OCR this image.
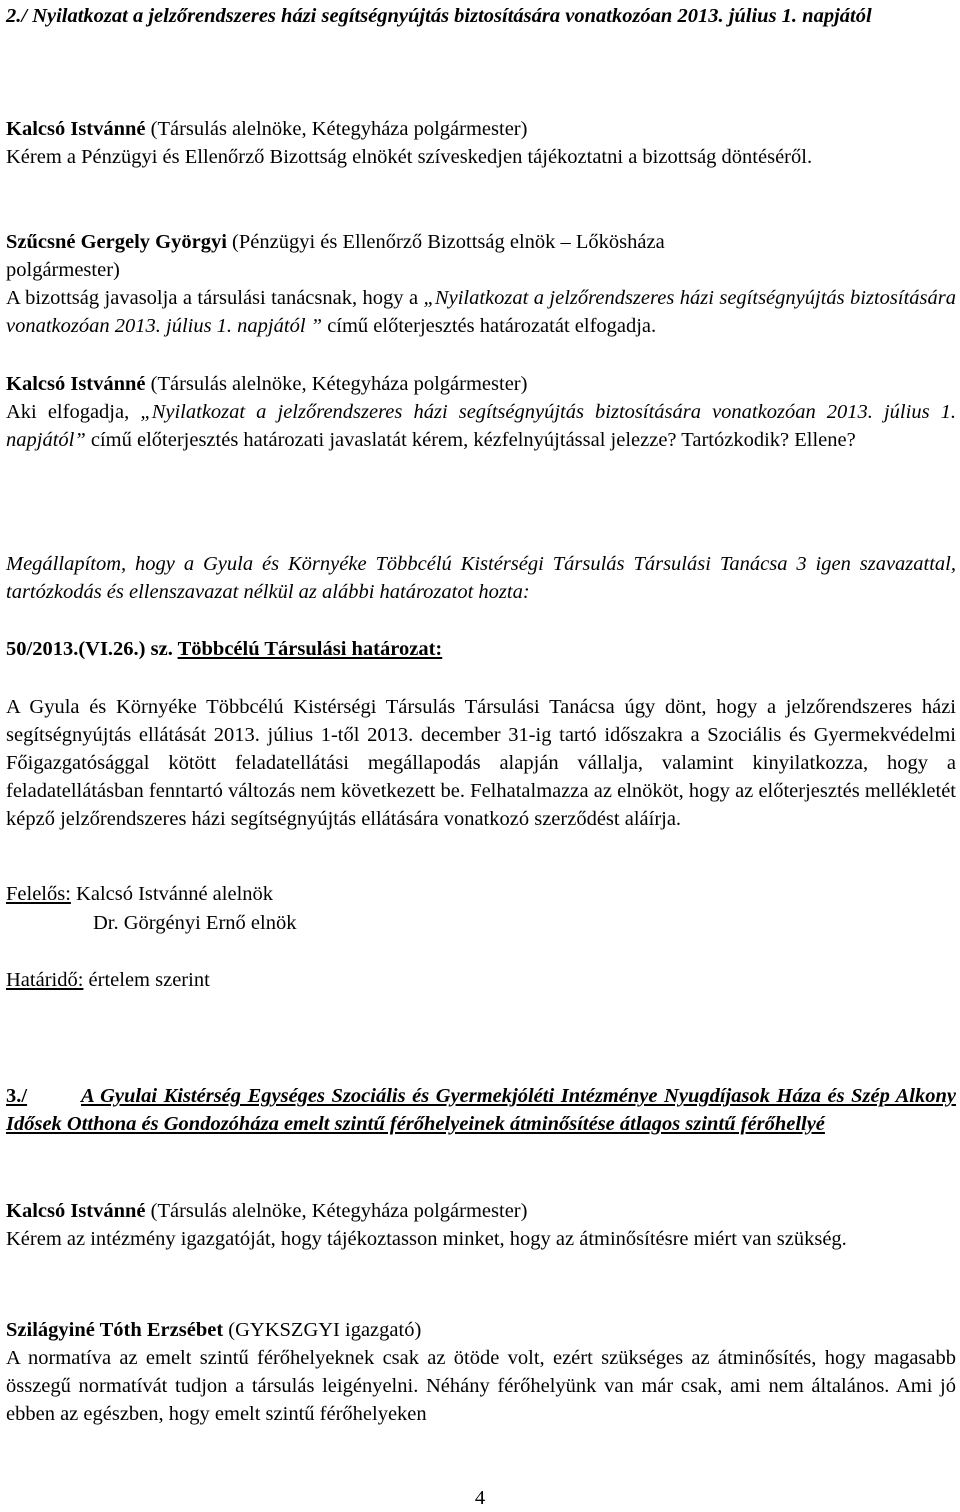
2./ Nyilatkozat a jelzőrendszeres házi segítségnyújtás biztosítására vonatkozóan 2013. július 1. napjától

Kalcsó Istvánné (Társulás alelnöke, Kétegyháza polgármester)
Kérem a Pénzügyi és Ellenőrző Bizottság elnökét szíveskedjen tájékoztatni a bizottság döntéséről.
Szűcsné Gergely Györgyi (Pénzügyi és Ellenőrző Bizottság elnök – Lőkösháza
polgármester)
A bizottság javasolja a társulási tanácsnak, hogy a „Nyilatkozat a jelzőrendszeres házi segítségnyújtás biztosítására vonatkozóan 2013. július 1. napjától ” című előterjesztés határozatát elfogadja.
Kalcsó Istvánné (Társulás alelnöke, Kétegyháza polgármester)
Aki elfogadja, „Nyilatkozat a jelzőrendszeres házi segítségnyújtás biztosítására vonatkozóan 2013. július 1. napjától” című előterjesztés határozati javaslatát kérem, kézfelnyújtással jelezze? Tartózkodik? Ellene?

Megállapítom, hogy a Gyula és Környéke Többcélú Kistérségi Társulás Társulási Tanácsa 3 igen szavazattal, tartózkodás és ellenszavazat nélkül az alábbi határozatot hozta:

50/2013.(VI.26.) sz. Többcélú Társulási határozat:

A Gyula és Környéke Többcélú Kistérségi Társulás Társulási Tanácsa úgy dönt, hogy a jelzőrendszeres házi segítségnyújtás ellátását 2013. július 1-től 2013. december 31-ig tartó időszakra a Szociális és Gyermekvédelmi Főigazgatósággal kötött feladatellátási megállapodás alapján vállalja, valamint kinyilatkozza, hogy a feladatellátásban fenntartó változás nem következett be. Felhatalmazza az elnököt, hogy az előterjesztés mellékletét képző jelzőrendszeres házi segítségnyújtás ellátására vonatkozó szerződést aláírja.

Felelős: Kalcsó Istvánné alelnök

Dr. Görgényi Ernő elnök

Határidő: értelem szerint

3./	A Gyulai Kistérség Egységes Szociális és Gyermekjóléti Intézménye Nyugdíjasok Háza és Szép Alkony Idősek Otthona és Gondozóháza emelt szintű férőhelyeinek átminősítése átlagos szintű férőhellyé
Kalcsó Istvánné (Társulás alelnöke, Kétegyháza polgármester)
Kérem az intézmény igazgatóját, hogy tájékoztasson minket, hogy az átminősítésre miért van szükség.
Szilágyiné Tóth Erzsébet (GYKSZGYI igazgató)
A normatíva az emelt szintű férőhelyeknek csak az ötöde volt, ezért szükséges az átminősítés, hogy magasabb összegű normatívát tudjon a társulás leigényelni. Néhány férőhelyünk van már csak, ami nem általános. Ami jó ebben az egészben, hogy emelt szintű férőhelyeken
4
